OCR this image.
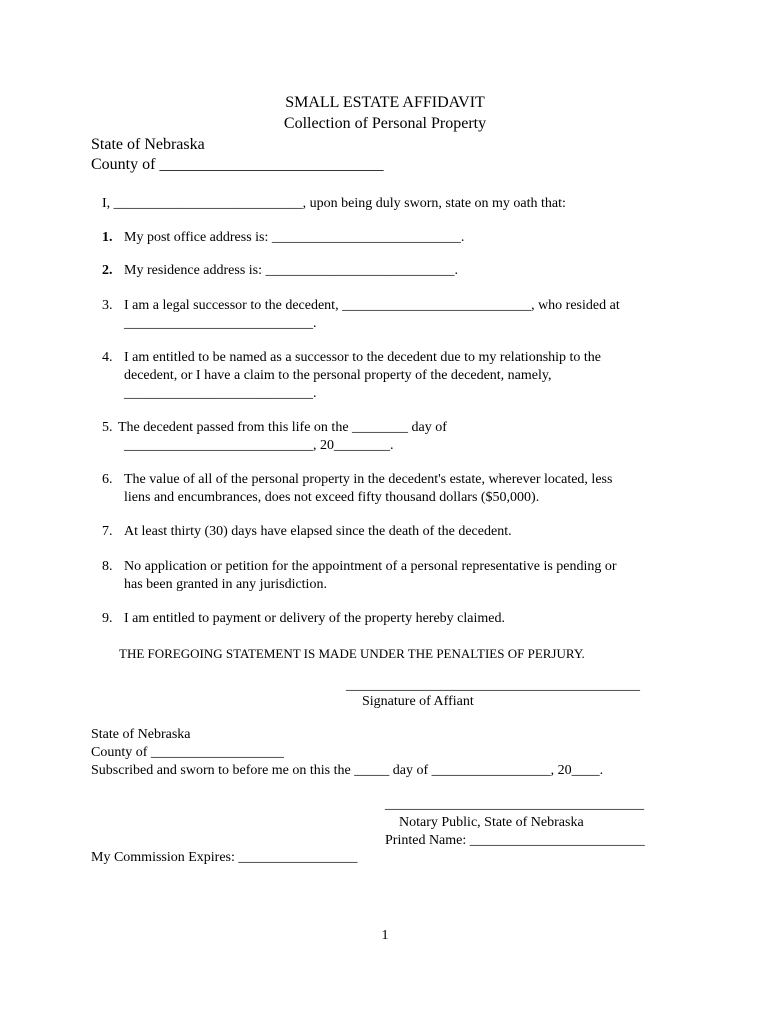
SMALL ESTATE AFFIDAVIT
Collection of Personal Property
State of Nebraska
County of ____________________________
I, ___________________________, upon being duly sworn, state on my oath that:
1. My post office address is: ___________________________.
2. My residence address is: ___________________________.
3. I am a legal successor to the decedent, ___________________________, who resided at
___________________________.
4. I am entitled to be named as a successor to the decedent due to my relationship to the
decedent, or I have a claim to the personal property of the decedent, namely,
___________________________.
5. The decedent passed from this life on the ________ day of
___________________________, 20________.
6. The value of all of the personal property in the decedent's estate, wherever located, less
liens and encumbrances, does not exceed fifty thousand dollars ($50,000).
7. At least thirty (30) days have elapsed since the death of the decedent.
8. No application or petition for the appointment of a personal representative is pending or
has been granted in any jurisdiction.
9. I am entitled to payment or delivery of the property hereby claimed.
THE FOREGOING STATEMENT IS MADE UNDER THE PENALTIES OF PERJURY.
__________________________________________
Signature of Affiant
State of Nebraska
County of ___________________
Subscribed and sworn to before me on this the _____ day of _________________, 20____.
_____________________________________
Notary Public, State of Nebraska
Printed Name: _________________________
My Commission Expires: _________________
1
